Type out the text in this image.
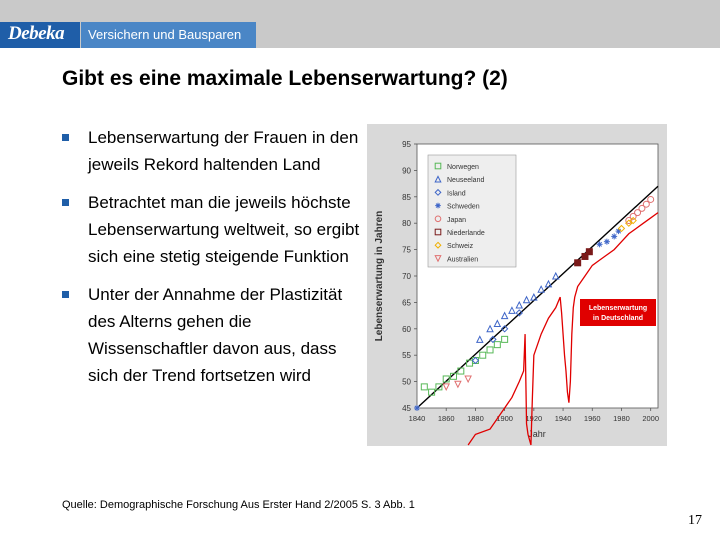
Debeka Versichern und Bausparen
Gibt es eine maximale Lebenserwartung? (2)
Lebenserwartung der Frauen in den jeweils Rekord haltenden Land
Betrachtet man die jeweils höchste Lebenserwartung weltweit, so ergibt sich eine stetig steigende Funktion
Unter der Annahme der Plastizität des Alterns gehen die Wissenschaftler davon aus, dass sich der Trend fortsetzen wird
45
50
55
60
65
70
75
80
85
90
95
1840 1860 1880 1900 1920 1940 1960 1980 2000
Lebenserwartung in Jahren
Jahr
Lebenserwartung
in Deutschland
Norwegen
Neuseeland
Island
Schweden
Japan
Niederlande
Schweiz
Australien
Quelle: Demographische Forschung Aus Erster Hand 2/2005 S. 3 Abb. 1
17
